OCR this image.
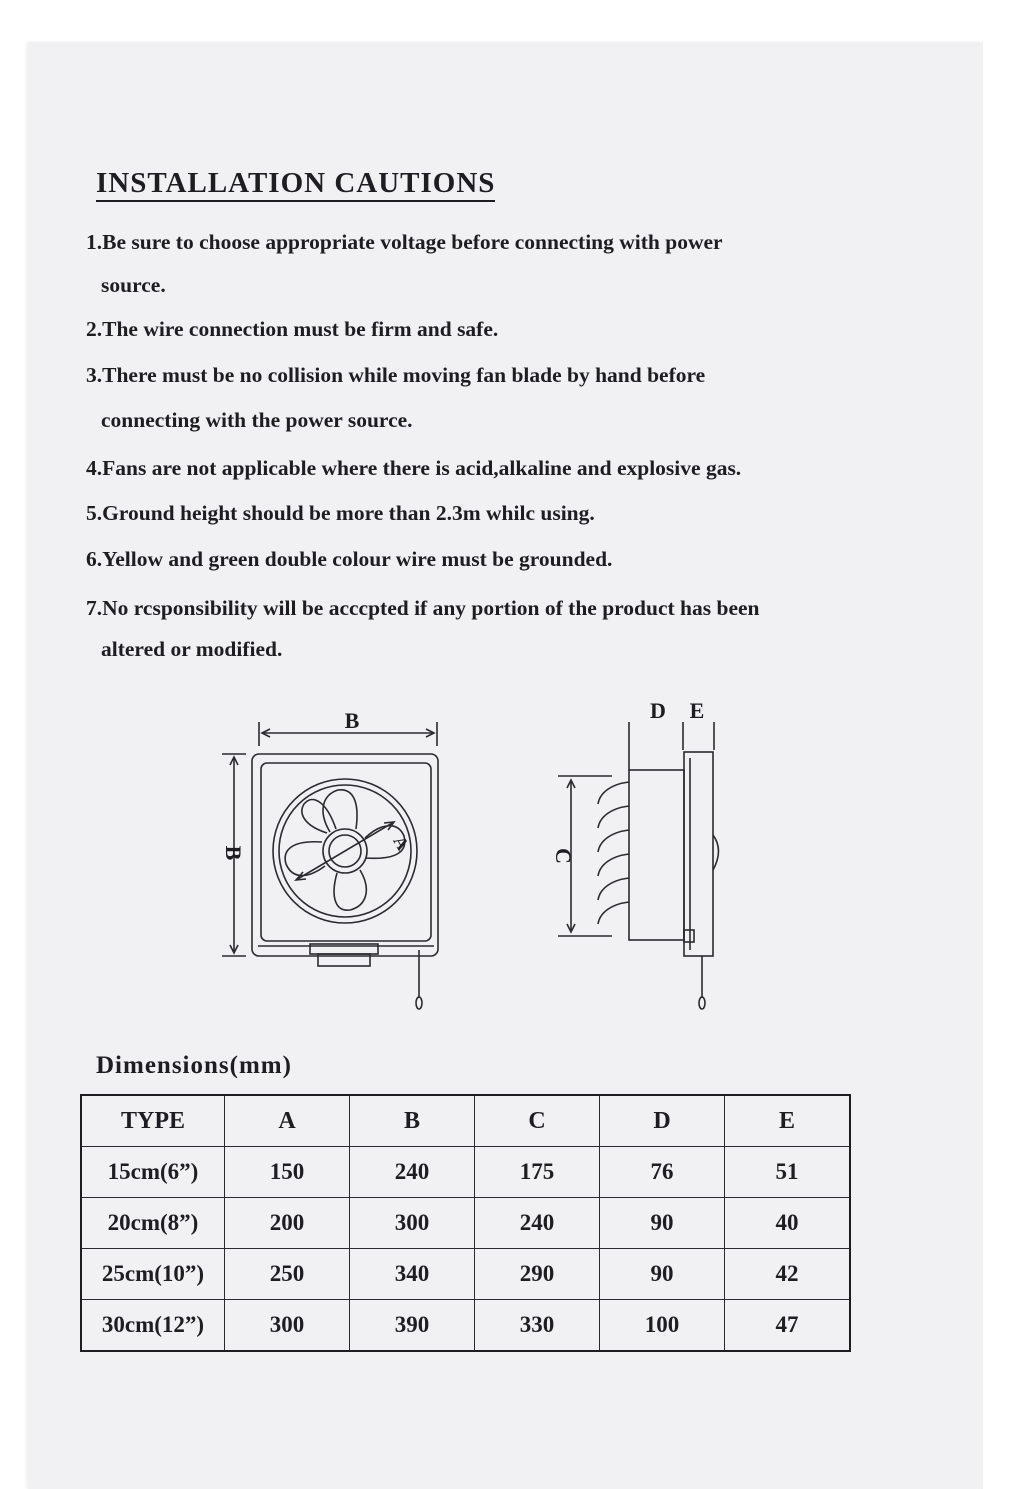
INSTALLATION CAUTIONS
1.Be sure to choose appropriate voltage before connecting with power
source.
2.The wire connection must be firm and safe.
3.There must be no collision while moving fan blade by hand before
connecting with the power source.
4.Fans are not applicable where there is acid,alkaline and explosive gas.
5.Ground height should be more than 2.3m whilc using.
6.Yellow and green double colour wire must be grounded.
7.No rcsponsibility will be acccpted if any portion of the product has been
altered or modified.
B
B	A
D E
C
Dimensions(mm)
TYPE	A	B	C	D	E
15cm(6”)	150	240	175	76	51
20cm(8”)	200	300	240	90	40
25cm(10”)	250	340	290	90	42
30cm(12”)	300	390	330	100	47
